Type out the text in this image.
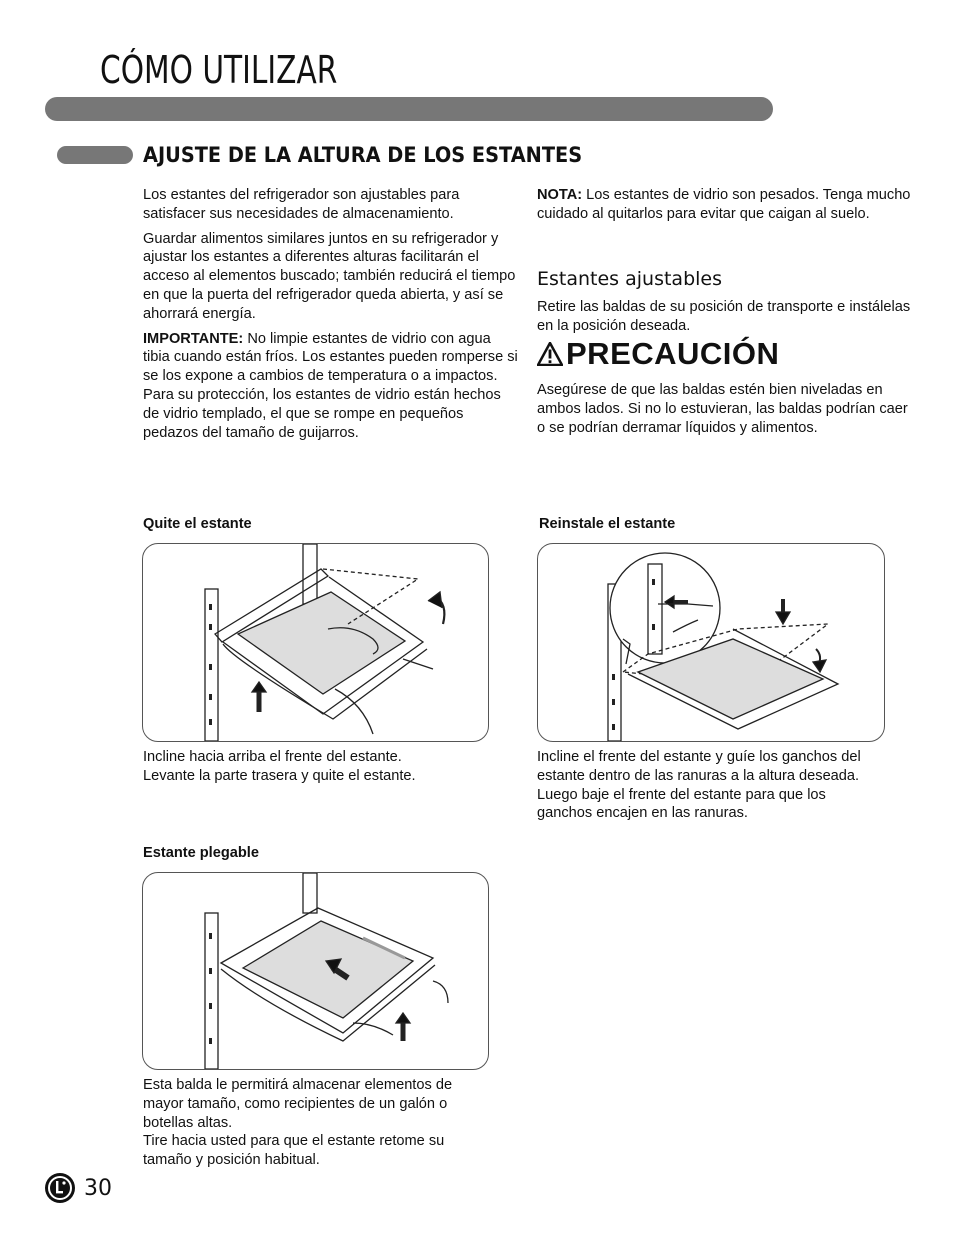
CÓMO UTILIZAR
AJUSTE DE LA ALTURA DE LOS ESTANTES

Los estantes del refrigerador son ajustables para satisfacer sus necesidades de almacenamiento.

Guardar alimentos similares juntos en su refrigerador y ajustar los estantes a diferentes alturas facilitarán el acceso al elementos buscado; también reducirá el tiempo en que la puerta del refrigerador queda abierta, y así se ahorrará energía.

IMPORTANTE: No limpie estantes de vidrio con agua tibia cuando están fríos. Los estantes pueden romperse si se los expone a cambios de temperatura o a impactos. Para su protección, los estantes de vidrio están hechos de vidrio templado, el que se rompe en pequeños pedazos del tamaño de guijarros.

NOTA: Los estantes de vidrio son pesados. Tenga mucho cuidado al quitarlos para evitar que caigan al suelo.
Estantes ajustables
Retire las baldas de su posición de transporte e instálelas en la posición deseada.
PRECAUCIÓN
Asegúrese de que las baldas estén bien niveladas en ambos lados. Si no lo estuvieran, las baldas podrían caer o se podrían derramar líquidos y alimentos.
Quite el estante
Incline hacia arriba el frente del estante.
Levante la parte trasera y quite el estante.
Reinstale el estante
Incline el frente del estante y guíe los ganchos del estante dentro de las ranuras a la altura deseada. Luego baje el frente del estante para que los ganchos encajen en las ranuras.
Estante plegable
Esta balda le permitirá almacenar elementos de mayor tamaño, como recipientes de un galón o botellas altas.
Tire hacia usted para que el estante retome su tamaño y posición habitual.
30
